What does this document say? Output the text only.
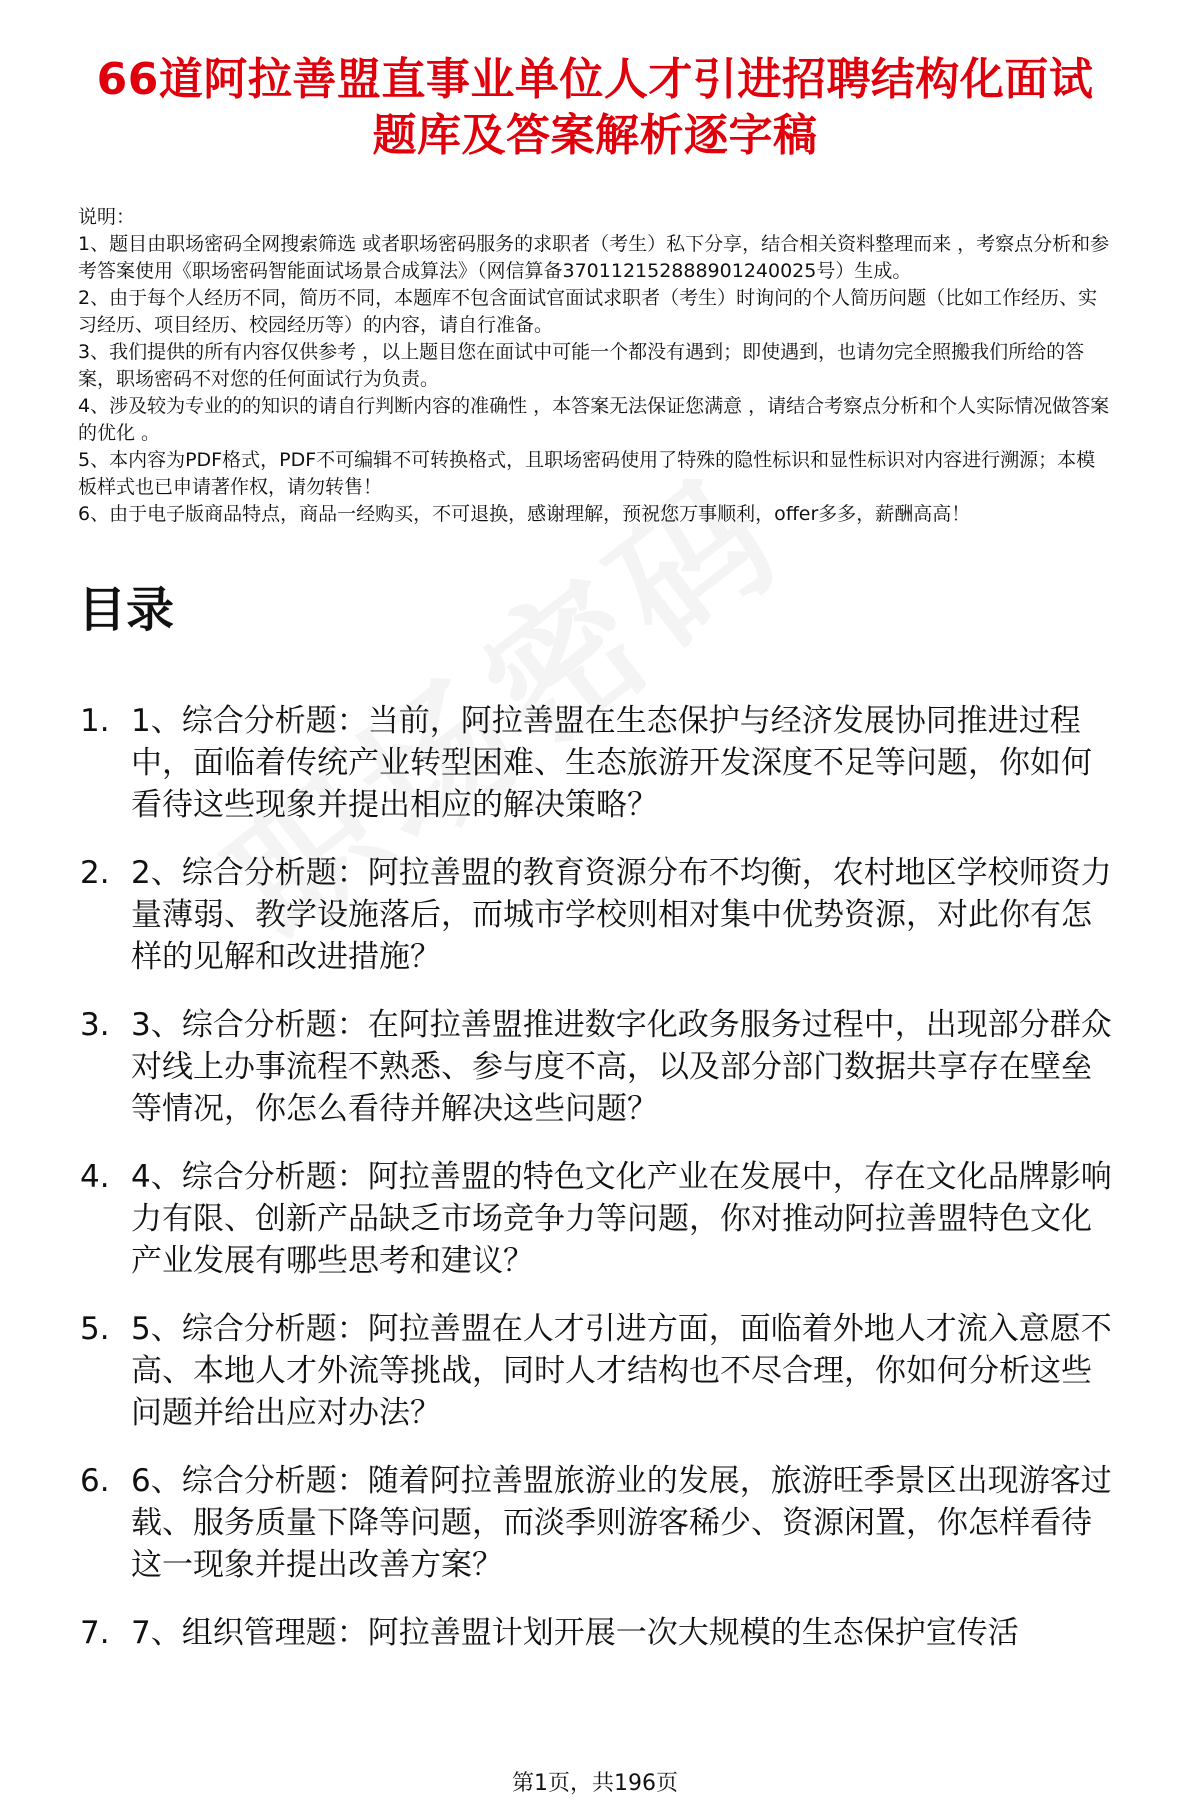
66道阿拉善盟直事业单位人才引进招聘结构化面试题库及答案解析逐字稿
说明：
1、题目由职场密码全网搜索筛选 或者职场密码服务的求职者（考生）私下分享，结合相关资料整理而来 ，考察点分析和参考答案使用《职场密码智能面试场景合成算法》（网信算备370112152888901240025号）生成。
2、由于每个人经历不同，简历不同，本题库不包含面试官面试求职者（考生）时询问的个人简历问题（比如工作经历、实习经历、项目经历、校园经历等）的内容，请自行准备。
3、我们提供的所有内容仅供参考 ，以上题目您在面试中可能一个都没有遇到；即使遇到，也请勿完全照搬我们所给的答案，职场密码不对您的任何面试行为负责。
4、涉及较为专业的的知识的请自行判断内容的准确性 ，本答案无法保证您满意 ，请结合考察点分析和个人实际情况做答案的优化 。
5、本内容为PDF格式，PDF不可编辑不可转换格式，且职场密码使用了特殊的隐性标识和显性标识对内容进行溯源；本模板样式也已申请著作权，请勿转售！
6、由于电子版商品特点，商品一经购买，不可退换，感谢理解，预祝您万事顺利，offer多多，薪酬高高！
目录
1. 1、综合分析题：当前，阿拉善盟在生态保护与经济发展协同推进过程中，面临着传统产业转型困难、生态旅游开发深度不足等问题，你如何看待这些现象并提出相应的解决策略？
2. 2、综合分析题：阿拉善盟的教育资源分布不均衡，农村地区学校师资力量薄弱、教学设施落后，而城市学校则相对集中优势资源，对此你有怎样的见解和改进措施？
3. 3、综合分析题：在阿拉善盟推进数字化政务服务过程中，出现部分群众对线上办事流程不熟悉、参与度不高，以及部分部门数据共享存在壁垒等情况，你怎么看待并解决这些问题？
4. 4、综合分析题：阿拉善盟的特色文化产业在发展中，存在文化品牌影响力有限、创新产品缺乏市场竞争力等问题，你对推动阿拉善盟特色文化产业发展有哪些思考和建议？
5. 5、综合分析题：阿拉善盟在人才引进方面，面临着外地人才流入意愿不高、本地人才外流等挑战，同时人才结构也不尽合理，你如何分析这些问题并给出应对办法？
6. 6、综合分析题：随着阿拉善盟旅游业的发展，旅游旺季景区出现游客过载、服务质量下降等问题，而淡季则游客稀少、资源闲置，你怎样看待这一现象并提出改善方案？
7. 7、组织管理题：阿拉善盟计划开展一次大规模的生态保护宣传活
第1页，共196页
